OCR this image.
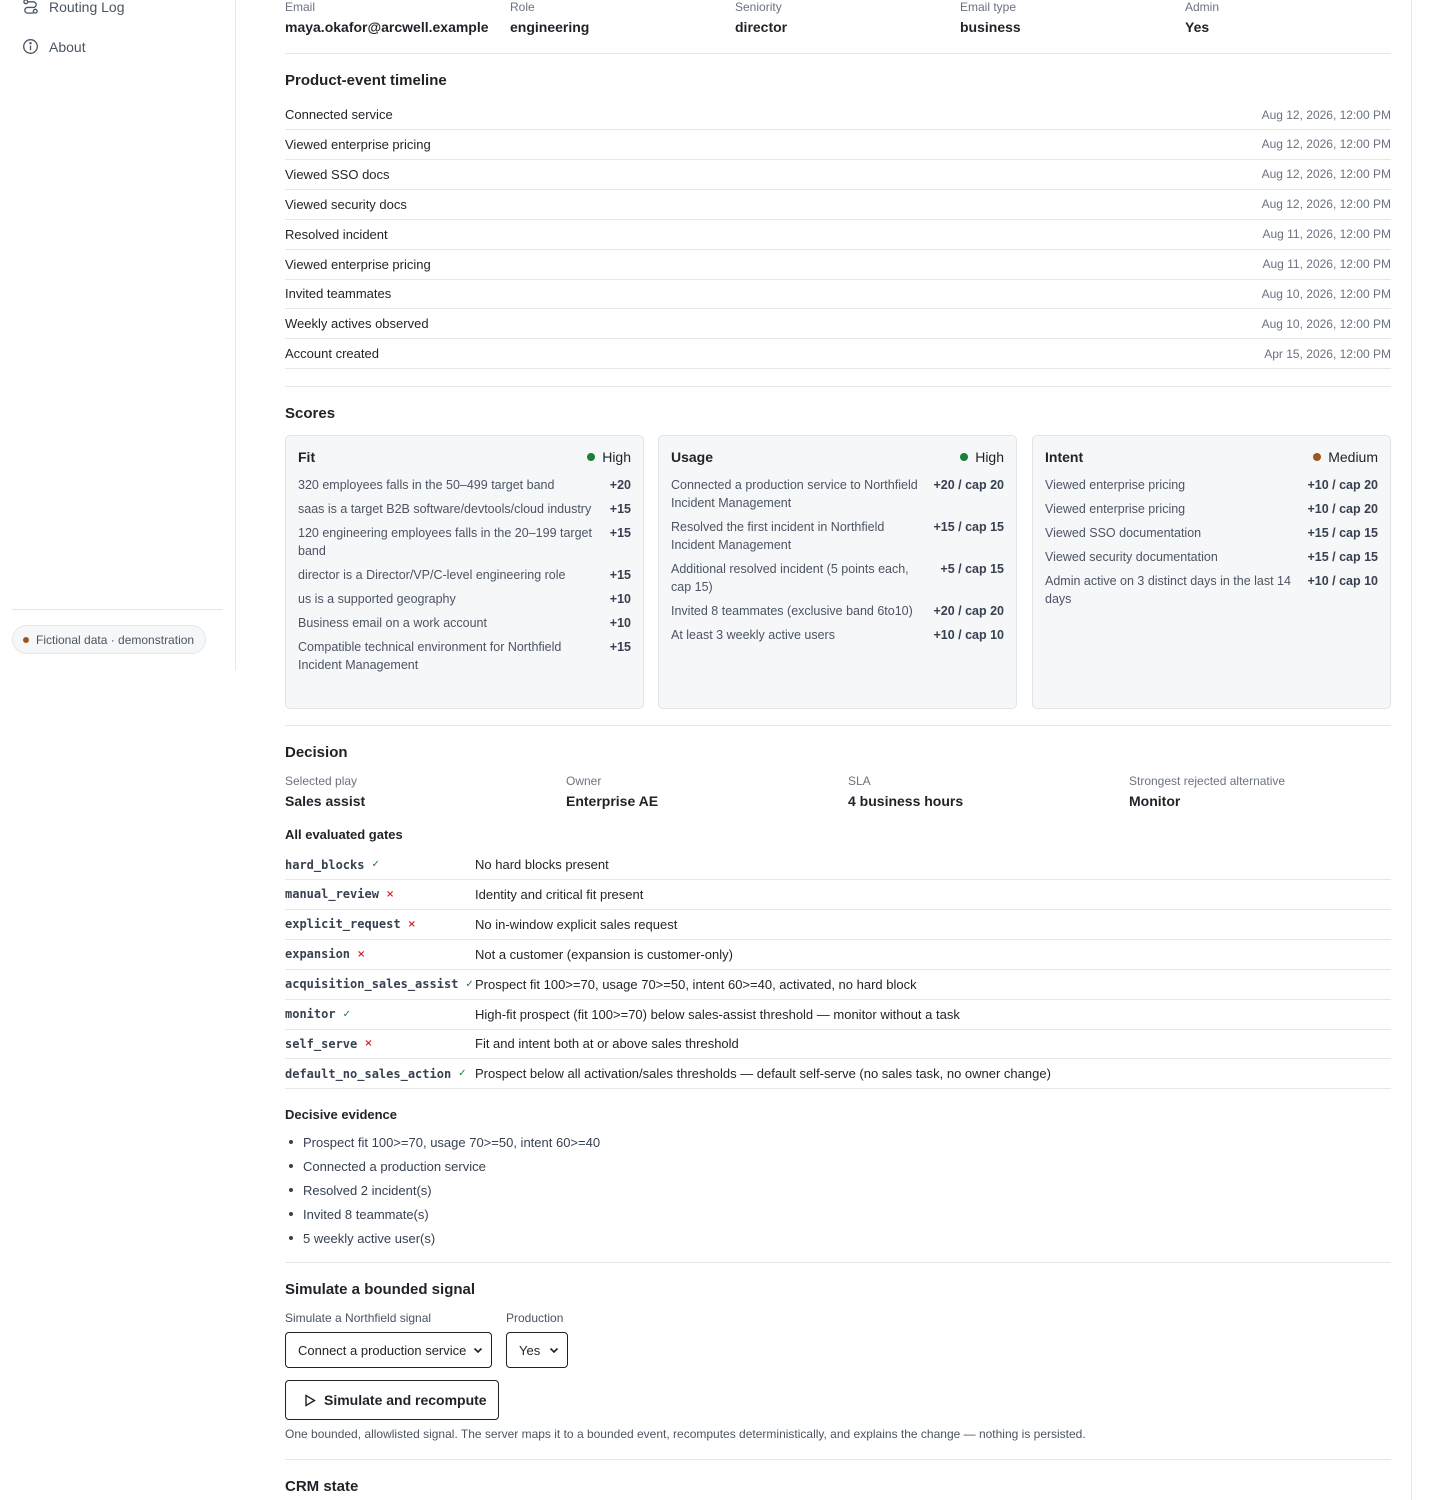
Routing Log
About
Fictional data · demonstration
Email
maya.okafor@arcwell.example
Role
engineering
Seniority
director
Email type
business
Admin
Yes
Product-event timeline
Connected service	Aug 12, 2026, 12:00 PM
Viewed enterprise pricing	Aug 12, 2026, 12:00 PM
Viewed SSO docs	Aug 12, 2026, 12:00 PM
Viewed security docs	Aug 12, 2026, 12:00 PM
Resolved incident	Aug 11, 2026, 12:00 PM
Viewed enterprise pricing	Aug 11, 2026, 12:00 PM
Invited teammates	Aug 10, 2026, 12:00 PM
Weekly actives observed	Aug 10, 2026, 12:00 PM
Account created	Apr 15, 2026, 12:00 PM
Scores
Fit	High
320 employees falls in the 50–499 target band	+20
saas is a target B2B software/devtools/cloud industry +15
120 engineering employees falls in the 20–199 target band
+15
director is a Director/VP/C-level engineering role	+15
us is a supported geography	+10
Business email on a work account	+10
Compatible technical environment for Northfield Incident Management
+15
Usage	High
Connected a production service to Northfield Incident Management
+20 / cap 20
Resolved the first incident in Northfield Incident Management
+15 / cap 15
Additional resolved incident (5 points each, cap 15)
+5 / cap 15
Invited 8 teammates (exclusive band 6to10) +20 / cap 20
At least 3 weekly active users	+10 / cap 10
Intent	Medium
Viewed enterprise pricing	+10 / cap 20
Viewed enterprise pricing	+10 / cap 20
Viewed SSO documentation	+15 / cap 15
Viewed security documentation	+15 / cap 15
Admin active on 3 distinct days in the last 14 days
+10 / cap 10
Decision
Selected play
Sales assist
Owner
Enterprise AE
SLA
4 business hours
Strongest rejected alternative
Monitor
All evaluated gates
hard_blocks ✓	No hard blocks present
manual_review ×	Identity and critical fit present
explicit_request ×	No in-window explicit sales request
expansion ×	Not a customer (expansion is customer-only)
acquisition_sales_assist ✓ Prospect fit 100>=70, usage 70>=50, intent 60>=40, activated, no hard block
monitor ✓	High-fit prospect (fit 100>=70) below sales-assist threshold — monitor without a task
self_serve ×	Fit and intent both at or above sales threshold
default_no_sales_action ✓ Prospect below all activation/sales thresholds — default self-serve (no sales task, no owner change)
Decisive evidence
Prospect fit 100>=70, usage 70>=50, intent 60>=40
Connected a production service
Resolved 2 incident(s)
Invited 8 teammate(s)
5 weekly active user(s)
Simulate a bounded signal
Simulate a Northfield signal
Connect a production service
Production
Yes
Simulate and recompute
One bounded, allowlisted signal. The server maps it to a bounded event, recomputes deterministically, and explains the change — nothing is persisted.
CRM state
